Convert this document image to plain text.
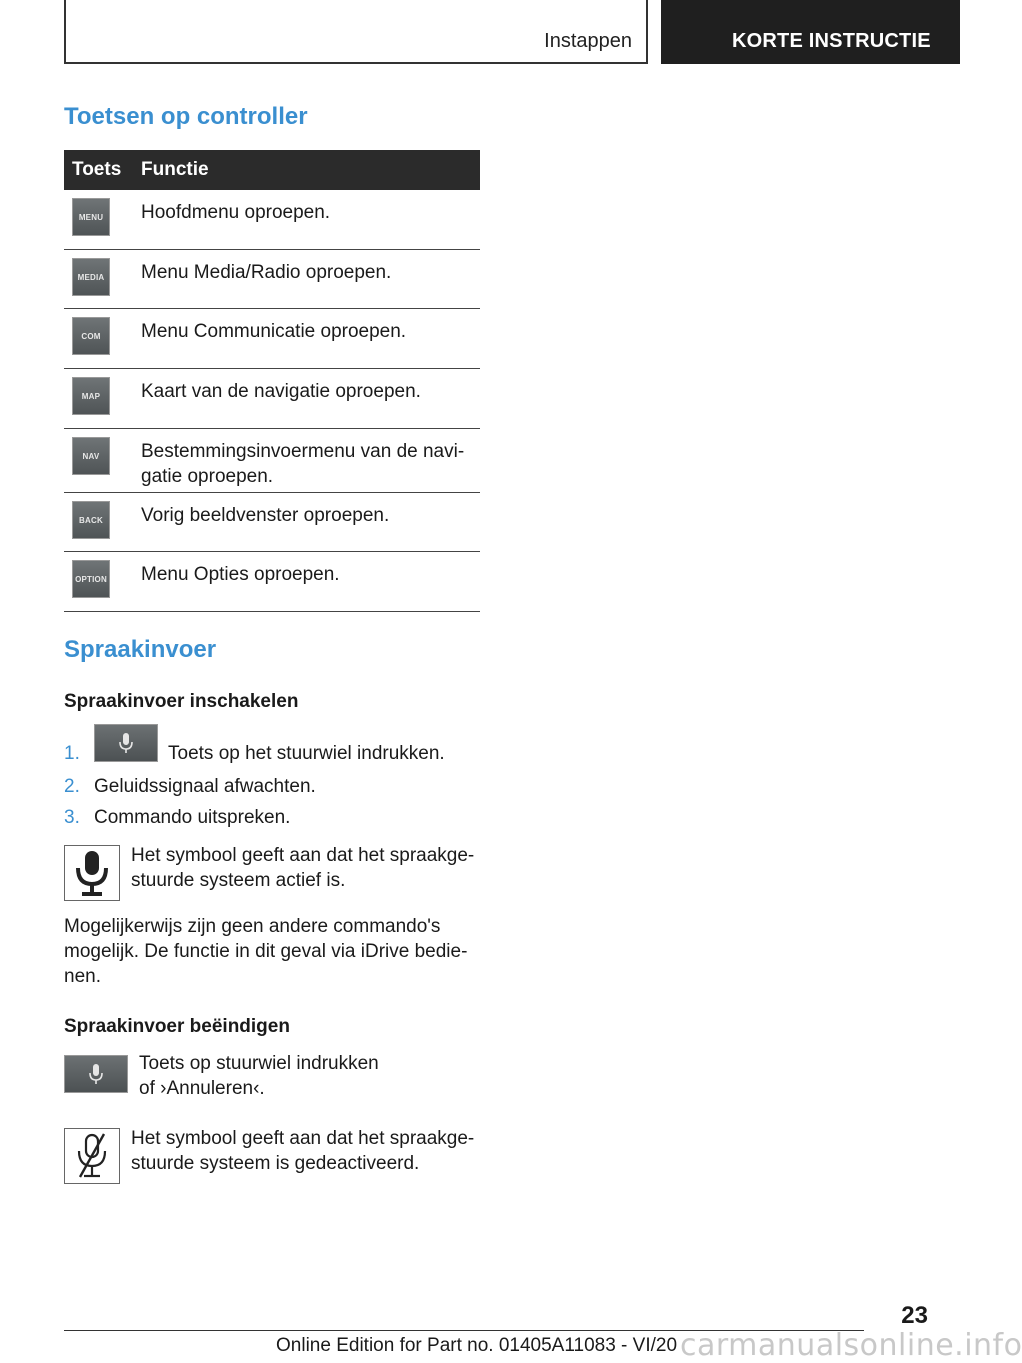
Instappen	KORTE INSTRUCTIE
Toetsen op controller
Toets Functie
MENU	Hoofdmenu oproepen.
MEDIA Menu Media/Radio oproepen.
COM	Menu Communicatie oproepen.
MAP	Kaart van de navigatie oproepen.
NAV	Bestemmingsinvoermenu van de navi-
gatie oproepen.
BACK	Vorig beeldvenster oproepen.
OPTION Menu Opties oproepen.
Spraakinvoer
Spraakinvoer inschakelen
1.	Toets op het stuurwiel indrukken.
2. Geluidssignaal afwachten.
3. Commando uitspreken.
Het symbool geeft aan dat het spraakge-
stuurde systeem actief is.
Mogelijkerwijs zijn geen andere commando's
mogelijk. De functie in dit geval via iDrive bedie-
nen.
Spraakinvoer beëindigen
Toets op stuurwiel indrukken
of ›Annuleren‹.
Het symbool geeft aan dat het spraakge-
stuurde systeem is gedeactiveerd.
23
Online Edition for Part no. 01405A11083 - VI/20 carmanualsonline.info
